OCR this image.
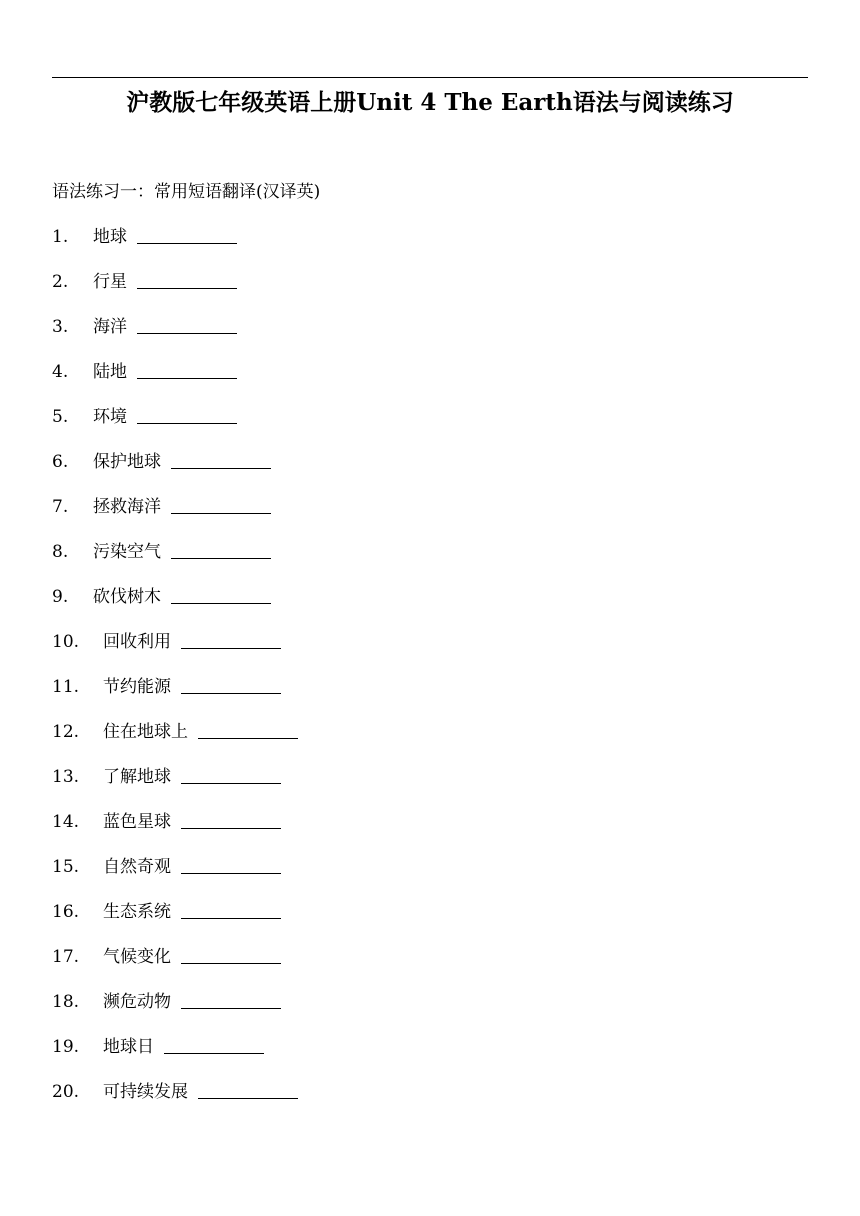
沪教版七年级英语上册Unit 4 The Earth语法与阅读练习
语法练习一：常用短语翻译(汉译英)
1. 地球
2. 行星
3. 海洋
4. 陆地
5. 环境
6. 保护地球
7. 拯救海洋
8. 污染空气
9. 砍伐树木
10. 回收利用
11. 节约能源
12. 住在地球上
13. 了解地球
14. 蓝色星球
15. 自然奇观
16. 生态系统
17. 气候变化
18. 濒危动物
19. 地球日
20. 可持续发展
